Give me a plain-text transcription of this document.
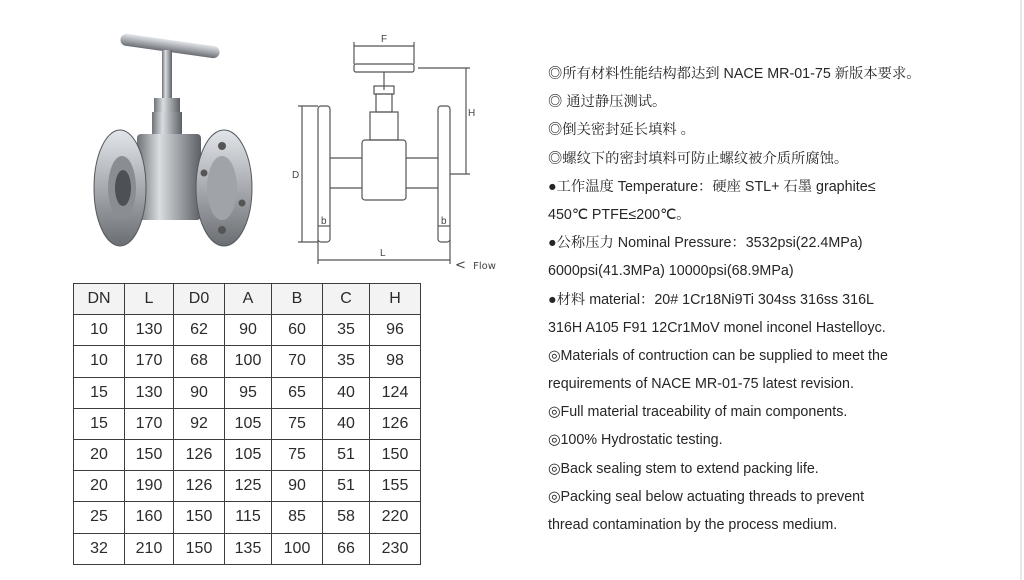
F
H
D
L
b	b
< Flow
DN	L	D0	A	B	C	H
10	130	62	90	60	35	96
10	170	68	100	70	35	98
15	130	90	95	65	40	124
15	170	92	105	75	40	126
20	150	126	105	75	51	150
20	190	126	125	90	51	155
25	160	150	115	85	58	220
32	210	150	135	100	66	230
◎所有材料性能结构都达到 NACE MR-01-75 新版本要求。
◎ 通过静压测试。
◎倒关密封延长填料 。
◎螺纹下的密封填料可防止螺纹被介质所腐蚀。
●工作温度 Temperature：硬座 STL+ 石墨 graphite≤
450℃ PTFE≤200℃。
●公称压力 Nominal Pressure：3532psi(22.4MPa)
6000psi(41.3MPa) 10000psi(68.9MPa)
●材料 material：20# 1Cr18Ni9Ti 304ss 316ss 316L
316H A105 F91 12Cr1MoV monel inconel Hastelloyc.
◎Materials of contruction can be supplied to meet the
requirements of NACE MR-01-75 latest revision.
◎Full material traceability of main components.
◎100% Hydrostatic testing.
◎Back sealing stem to extend packing life.
◎Packing seal below actuating threads to prevent
thread contamination by the process medium.
